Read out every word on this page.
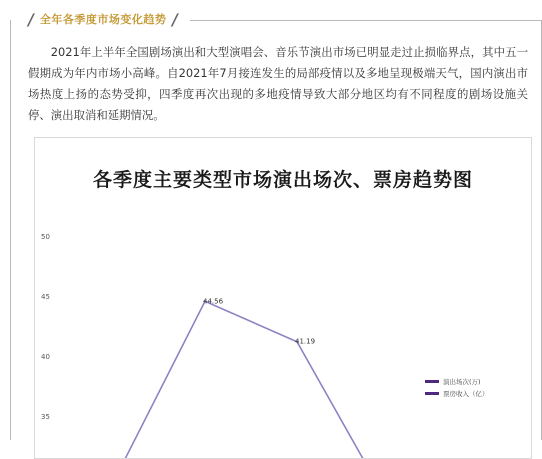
/ 全年各季度市场变化趋势 /
2021年上半年全国剧场演出和大型演唱会、音乐节演出市场已明显走过止损临界点，其中五一假期成为年内市场小高峰。自2021年7月接连发生的局部疫情以及多地呈现极端天气，国内演出市场热度上扬的态势受抑，四季度再次出现的多地疫情导致大部分地区均有不同程度的剧场设施关停、演出取消和延期情况。
各季度主要类型市场演出场次、票房趋势图
35
40
45
50
44.56
41.19
演出场次(万)
票房收入（亿）
